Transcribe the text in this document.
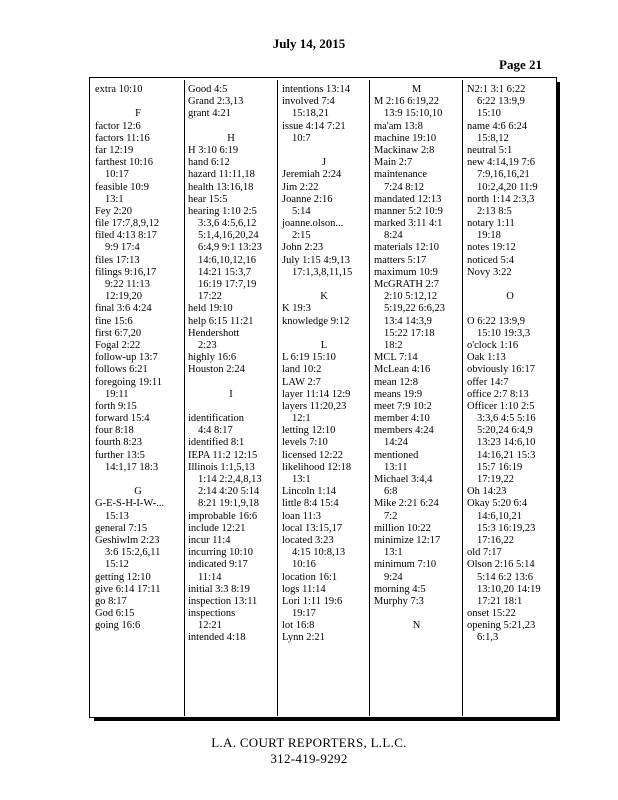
July 14, 2015
Page 21
extra 10:10

F
factor 12:6
factors 11:16
far 12:19
farthest 10:16
10:17
feasible 10:9
13:1
Fey 2:20
file 17:7,8,9,12
filed 4:13 8:17
9:9 17:4
files 17:13
filings 9:16,17
9:22 11:13
12:19,20
final 3:6 4:24
fine 15:6
first 6:7,20
Fogal 2:22
follow-up 13:7
follows 6:21
foregoing 19:11
19:11
forth 9:15
forward 15:4
four 8:18
fourth 8:23
further 13:5
14:1,17 18:3

G
G-E-S-H-I-W-...
15:13
general 7:15
Geshiwlm 2:23
3:6 15:2,6,11
15:12
getting 12:10
give 6:14 17:11
go 8:17
God 6:15
going 16:6
Good 4:5
Grand 2:3,13
grant 4:21

H
H 3:10 6:19
hand 6:12
hazard 11:11,18
health 13:16,18
hear 15:5
hearing 1:10 2:5
3:3,6 4:5,6,12
5:1,4,16,20,24
6:4,9 9:1 13:23
14:6,10,12,16
14:21 15:3,7
16:19 17:7,19
17:22
held 19:10
help 6:15 11:21
Hendershott
2:23
highly 16:6
Houston 2:24

I

identification
4:4 8:17
identified 8:1
IEPA 11:2 12:15
Illinois 1:1,5,13
1:14 2:2,4,8,13
2:14 4:20 5:14
8:21 19:1,9,18
improbable 16:6
include 12:21
incur 11:4
incurring 10:10
indicated 9:17
11:14
initial 3:3 8:19
inspection 13:11
inspections
12:21
intended 4:18
intentions 13:14
involved 7:4
15:18,21
issue 4:14 7:21
10:7

J
Jeremiah 2:24
Jim 2:22
Joanne 2:16
5:14
joanne.olson...
2:15
John 2:23
July 1:15 4:9,13
17:1,3,8,11,15

K
K 19:3
knowledge 9:12

L
L 6:19 15:10
land 10:2
LAW 2:7
layer 11:14 12:9
layers 11:20,23
12:1
letting 12:10
levels 7:10
licensed 12:22
likelihood 12:18
13:1
Lincoln 1:14
little 8:4 15:4
loan 11:3
local 13:15,17
located 3:23
4:15 10:8,13
10:16
location 16:1
logs 11:14
Lori 1:11 19:6
19:17
lot 16:8
Lynn 2:21
M
M 2:16 6:19,22
13:9 15:10,10
ma'am 13:8
machine 19:10
Mackinaw 2:8
Main 2:7
maintenance
7:24 8:12
mandated 12:13
manner 5:2 10:9
marked 3:11 4:1
8:24
materials 12:10
matters 5:17
maximum 10:9
McGRATH 2:7
2:10 5:12,12
5:19,22 6:6,23
13:4 14:3,9
15:22 17:18
18:2
MCL 7:14
McLean 4:16
mean 12:8
means 19:9
meet 7:9 10:2
member 4:10
members 4:24
14:24
mentioned
13:11
Michael 3:4,4
6:8
Mike 2:21 6:24
7:2
million 10:22
minimize 12:17
13:1
minimum 7:10
9:24
morning 4:5
Murphy 7:3

N
N2:1 3:1 6:22
6:22 13:9,9
15:10
name 4:6 6:24
15:8,12
neutral 5:1
new 4:14,19 7:6
7:9,16,16,21
10:2,4,20 11:9
north 1:14 2:3,3
2:13 8:5
notary 1:11
19:18
notes 19:12
noticed 5:4
Novy 3:22

O

O 6:22 13:9,9
15:10 19:3,3
o'clock 1:16
Oak 1:13
obviously 16:17
offer 14:7
office 2:7 8:13
Officer 1:10 2:5
3:3,6 4:5 5:16
5:20,24 6:4,9
13:23 14:6,10
14:16,21 15:3
15:7 16:19
17:19,22
Oh 14:23
Okay 5:20 6:4
14:6,10,21
15:3 16:19,23
17:16,22
old 7:17
Olson 2:16 5:14
5:14 6:2 13:6
13:10,20 14:19
17:21 18:1
onset 15:22
opening 5:21,23
6:1,3
L.A. COURT REPORTERS, L.L.C.
312-419-9292
